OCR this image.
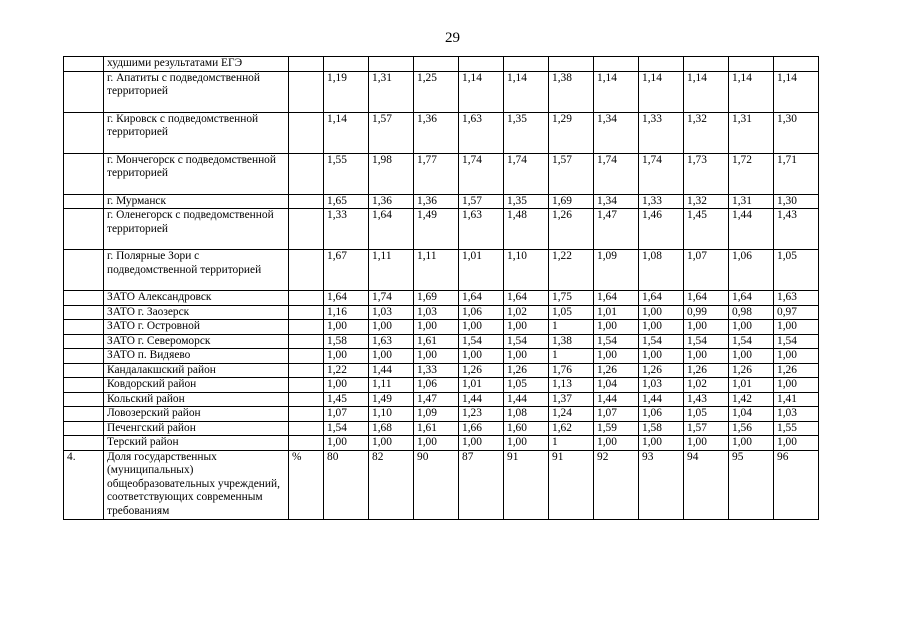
29
	худшими результатами ЕГЭ												
	г. Апатиты с подведомственной территорией		1,19	1,31	1,25	1,14	1,14	1,38	1,14	1,14	1,14	1,14	1,14
	г. Кировск с подведомственной территорией		1,14	1,57	1,36	1,63	1,35	1,29	1,34	1,33	1,32	1,31	1,30
	г. Мончегорск с подведомственной территорией		1,55	1,98	1,77	1,74	1,74	1,57	1,74	1,74	1,73	1,72	1,71
	г. Мурманск		1,65	1,36	1,36	1,57	1,35	1,69	1,34	1,33	1,32	1,31	1,30
	г. Оленегорск с подведомственной территорией		1,33	1,64	1,49	1,63	1,48	1,26	1,47	1,46	1,45	1,44	1,43
	г. Полярные Зори с подведомственной территорией		1,67	1,11	1,11	1,01	1,10	1,22	1,09	1,08	1,07	1,06	1,05
	ЗАТО Александровск		1,64	1,74	1,69	1,64	1,64	1,75	1,64	1,64	1,64	1,64	1,63
	ЗАТО г. Заозерск		1,16	1,03	1,03	1,06	1,02	1,05	1,01	1,00	0,99	0,98	0,97
	ЗАТО г. Островной		1,00	1,00	1,00	1,00	1,00	1	1,00	1,00	1,00	1,00	1,00
	ЗАТО г. Североморск		1,58	1,63	1,61	1,54	1,54	1,38	1,54	1,54	1,54	1,54	1,54
	ЗАТО п. Видяево		1,00	1,00	1,00	1,00	1,00	1	1,00	1,00	1,00	1,00	1,00
	Кандалакшский район		1,22	1,44	1,33	1,26	1,26	1,76	1,26	1,26	1,26	1,26	1,26
	Ковдорский район		1,00	1,11	1,06	1,01	1,05	1,13	1,04	1,03	1,02	1,01	1,00
	Кольский район		1,45	1,49	1,47	1,44	1,44	1,37	1,44	1,44	1,43	1,42	1,41
	Ловозерский район		1,07	1,10	1,09	1,23	1,08	1,24	1,07	1,06	1,05	1,04	1,03
	Печенгский район		1,54	1,68	1,61	1,66	1,60	1,62	1,59	1,58	1,57	1,56	1,55
	Терский район		1,00	1,00	1,00	1,00	1,00	1	1,00	1,00	1,00	1,00	1,00
4.	Доля государственных (муниципальных) общеобразовательных учреждений, соответствующих современным требованиям	%	80	82	90	87	91	91	92	93	94	95	96
